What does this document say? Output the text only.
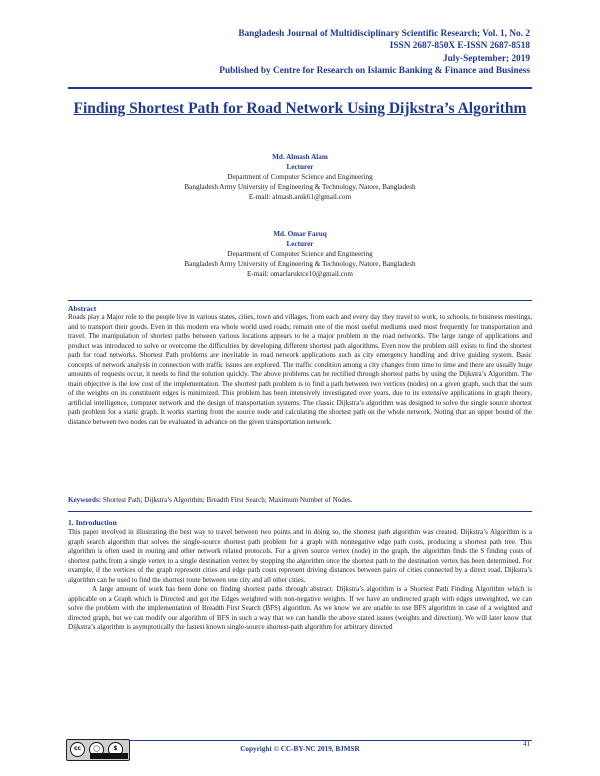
Bangladesh Journal of Multidisciplinary Scientific Research; Vol. 1, No. 2
ISSN 2687-850X E-ISSN 2687-8518
July-September; 2019
Published by Centre for Research on Islamic Banking & Finance and Business
Finding Shortest Path for Road Network Using Dijkstra’s Algorithm
Md. Almash Alam
Lecturer
Department of Computer Science and Engineering
Bangladesh Army University of Engineering & Technology, Natore, Bangladesh
E-mail: almash.anik61@gmail.com
Md. Omar Faruq
Lecturer
Department of Computer Science and Engineering
Bangladesh Army University of Engineering & Technology, Natore, Bangladesh
E-mail: omarfaruktce10@gmail.com
Abstract

Roads play a Major role to the people live in various states, cities, town and villages, from each and every day they travel to work, to schools, to business meetings, and to transport their goods. Even in this modern era whole world used roads; remain one of the most useful mediums used most frequently for transportation and travel. The manipulation of shortest paths between various locations appears to be a major problem in the road networks. The large range of applications and product was introduced to solve or overcome the difficulties by developing different shortest path algorithms. Even now the problem still exists to find the shortest path for road networks. Shortest Path problems are inevitable in road network applications such as city emergency handling and drive guiding system. Basic concepts of network analysis in connection with traffic issues are explored. The traffic condition among a city changes from time to time and there are usually huge amounts of requests occur, it needs to find the solution quickly. The above problems can be rectified through shortest paths by using the Dijkstra’s Algorithm. The main objective is the low cost of the implementation. The shortest path problem is to find a path between two vertices (nodes) on a given graph, such that the sum of the weights on its constituent edges is minimized. This problem has been intensively investigated over years, due to its extensive applications in graph theory, artificial intelligence, computer network and the design of transportation systems. The classic Dijkstra’s algorithm was designed to solve the single source shortest path problem for a static graph. It works starting from the source node and calculating the shortest path on the whole network. Noting that an upper bound of the distance between two nodes can be evaluated in advance on the given transportation network.

Keywords: Shortest Path; Dijkstra’s Algorithm; Breadth First Search; Maximum Number of Nodes.
1. Introduction

This paper involved in illustrating the best way to travel between two points and in doing so, the shortest path algorithm was created. Dijkstra’s Algorithm is a graph search algorithm that solves the single-source shortest path problem for a graph with nonnegative edge path costs, producing a shortest path tree. This algorithm is often used in routing and other network related protocols. For a given source vertex (node) in the graph, the algorithm finds the S finding costs of shortest paths from a single vertex to a single destination vertex by stopping the algorithm once the shortest path to the destination vertex has been determined. For example, if the vertices of the graph represent cities and edge path costs represent driving distances between pairs of cities connected by a direct road, Dijkstra’s algorithm can be used to find the shortest route between one city and all other cities.

A large amount of work has been done on finding shortest paths through abstract. Dijkstra’s algorithm is a Shortest Path Finding Algorithm which is applicable on a Graph which is Directed and got the Edges weighted with non-negative weights. If we have an undirected graph with edges unweighted, we can solve the problem with the implementation of Breadth First Search (BFS) algorithm. As we know we are unable to use BFS algorithm in case of a weighted and directed graph, but we can modify our algorithm of BFS in such a way that we can handle the above stated issues (weights and direction). We will later know that Dijkstra’s algorithm is asymptotically the fastest known single-source shortest-path algorithm for arbitrary directed

cc	◯	$
41
Copyright © CC-BY-NC 2019, BJMSR
